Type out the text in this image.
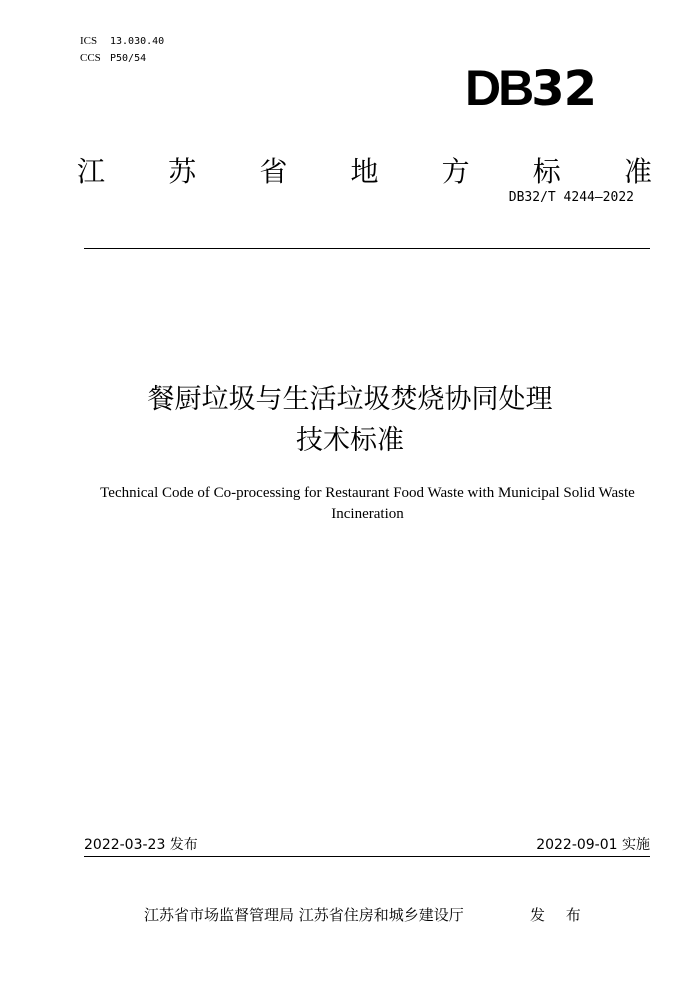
ICS 13.030.40
CCS P50/54
DB32
江 苏 省 地 方 标 准
DB32/T 4244—2022
餐厨垃圾与生活垃圾焚烧协同处理
技术标准
Technical Code of Co-processing for Restaurant Food Waste with Municipal Solid Waste Incineration
2022-03-23 发布	2022-09-01 实施
江苏省市场监督管理局 江苏省住房和城乡建设厅	发 布
